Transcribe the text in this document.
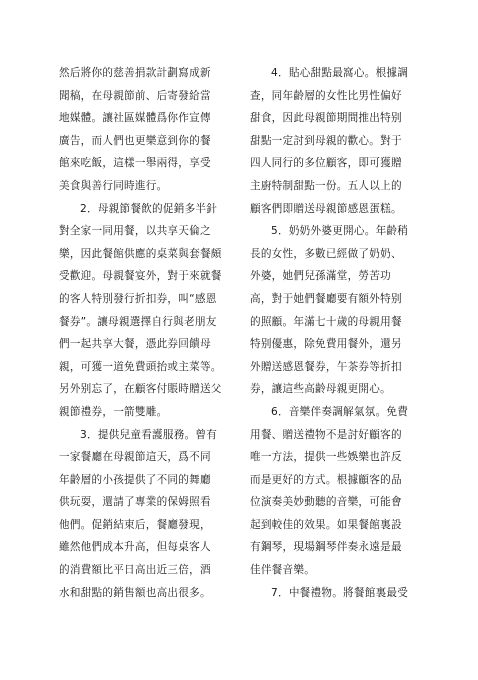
然后將你的慈善捐款計劃寫成新
聞稿，在母親節前、后寄發給當
地媒體。讓社區媒體爲你作宣傳
廣告，而人們也更樂意到你的餐
館來吃飯，這樣一舉兩得，享受
美食與善行同時進行。
2．母親節餐飲的促銷多半針
對全家一同用餐，以共享天倫之
樂，因此餐館供應的桌菜與套餐頗
受歡迎。母親餐宴外，對于來就餐
的客人特別發行折扣券，叫“感恩
餐券”。讓母親選擇自行與老朋友
們一起共享大餐，憑此券回饋母
親，可獲一道免費頭抬或主菜等。
另外别忘了，在顧客付賬時贈送父
親節禮券，一箭雙雕。
3．提供兒童看護服務。曾有
一家餐廳在母親節這天，爲不同
年齡層的小孩提供了不同的舞廳
供玩耍，還請了專業的保姆照看
他們。促銷結束后，餐廳發現，
雖然他們成本升高，但每桌客人
的消費額比平日高出近三倍，酒
水和甜點的銷售額也高出很多。
4．貼心甜點最窩心。根據調
查，同年齡層的女性比男性偏好
甜食，因此母親節期間推出特别
甜點一定討到母親的歡心。對于
四人同行的多位顧客，即可獲贈
主廚特制甜點一份。五人以上的
顧客們即贈送母親節感恩蛋糕。
5．奶奶外婆更開心。年齡稍
長的女性，多數已經做了奶奶、
外婆，她們兒孫滿堂，勞苦功
高，對于她們餐廳要有額外特别
的照顧。年滿七十歲的母親用餐
特别優惠，除免費用餐外，還另
外贈送感恩餐券，午茶券等折扣
券，讓這些高齡母親更開心。
6．音樂伴奏調解氣氛。免費
用餐、贈送禮物不是討好顧客的
唯一方法，提供一些娛樂也許反
而是更好的方式。根據顧客的品
位演奏美妙動聽的音樂，可能會
起到較佳的效果。如果餐館裏設
有鋼琴，現場鋼琴伴奏永遠是最
佳伴餐音樂。
7．中餐禮物。將餐館裏最受
